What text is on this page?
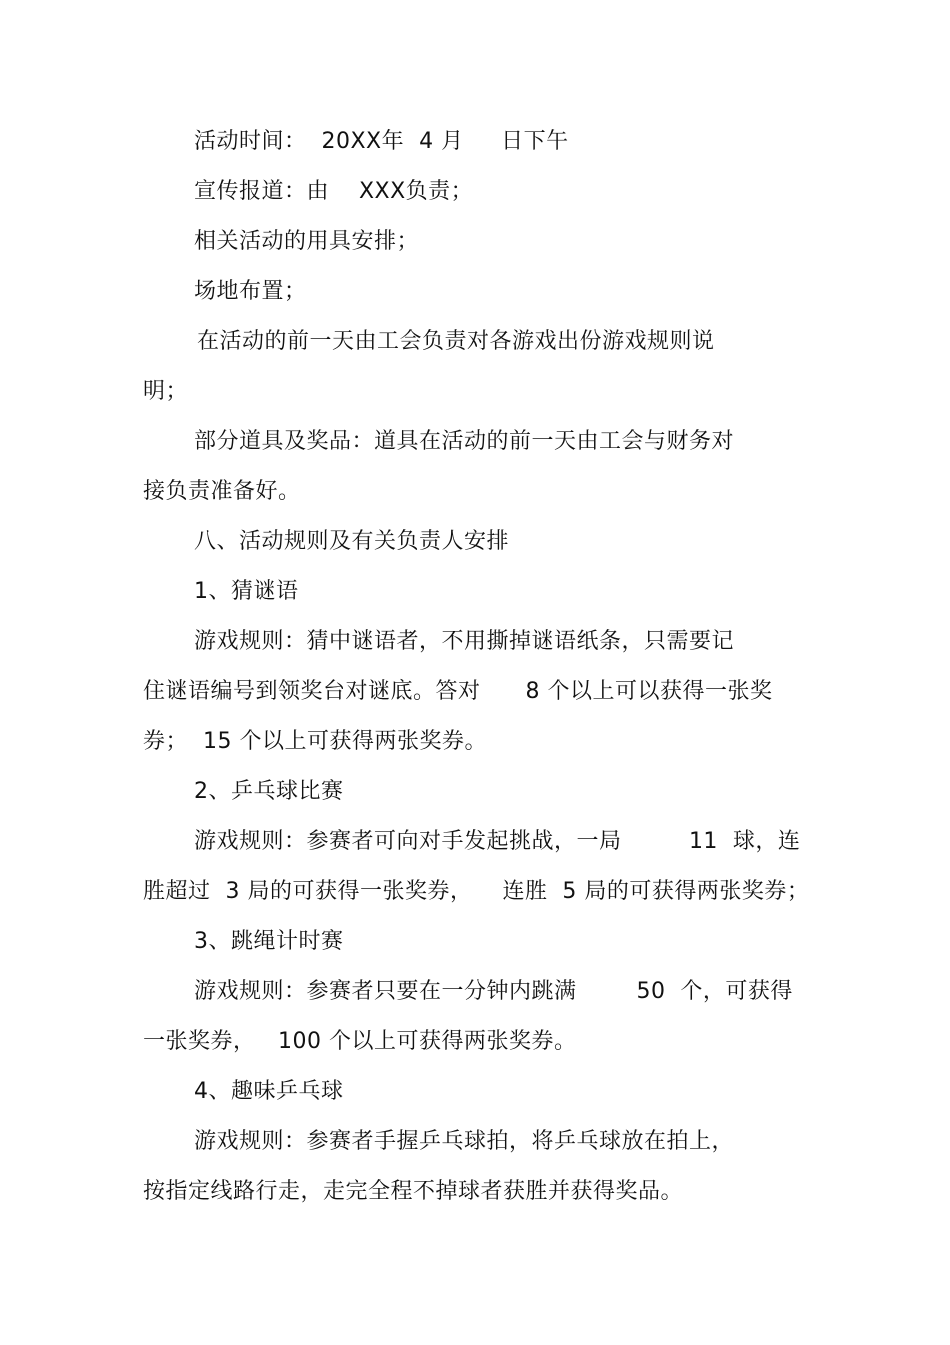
活动时间：  20XX年  4 月     日下午
宣传报道：由    XXX负责；
相关活动的用具安排；
场地布置；
在活动的前一天由工会负责对各游戏出份游戏规则说
明；
部分道具及奖品：道具在活动的前一天由工会与财务对
接负责准备好。
八、活动规则及有关负责人安排
1、猜谜语
游戏规则：猜中谜语者，不用撕掉谜语纸条，只需要记
住谜语编号到领奖台对谜底。答对      8 个以上可以获得一张奖
券；  15 个以上可获得两张奖券。
2、乒乓球比赛
游戏规则：参赛者可向对手发起挑战，一局         11  球，连
胜超过  3 局的可获得一张奖券，    连胜  5 局的可获得两张奖券；
3、跳绳计时赛
游戏规则：参赛者只要在一分钟内跳满        50  个，可获得
一张奖券，   100 个以上可获得两张奖券。
4、趣味乒乓球
游戏规则：参赛者手握乒乓球拍，将乒乓球放在拍上，
按指定线路行走，走完全程不掉球者获胜并获得奖品。
